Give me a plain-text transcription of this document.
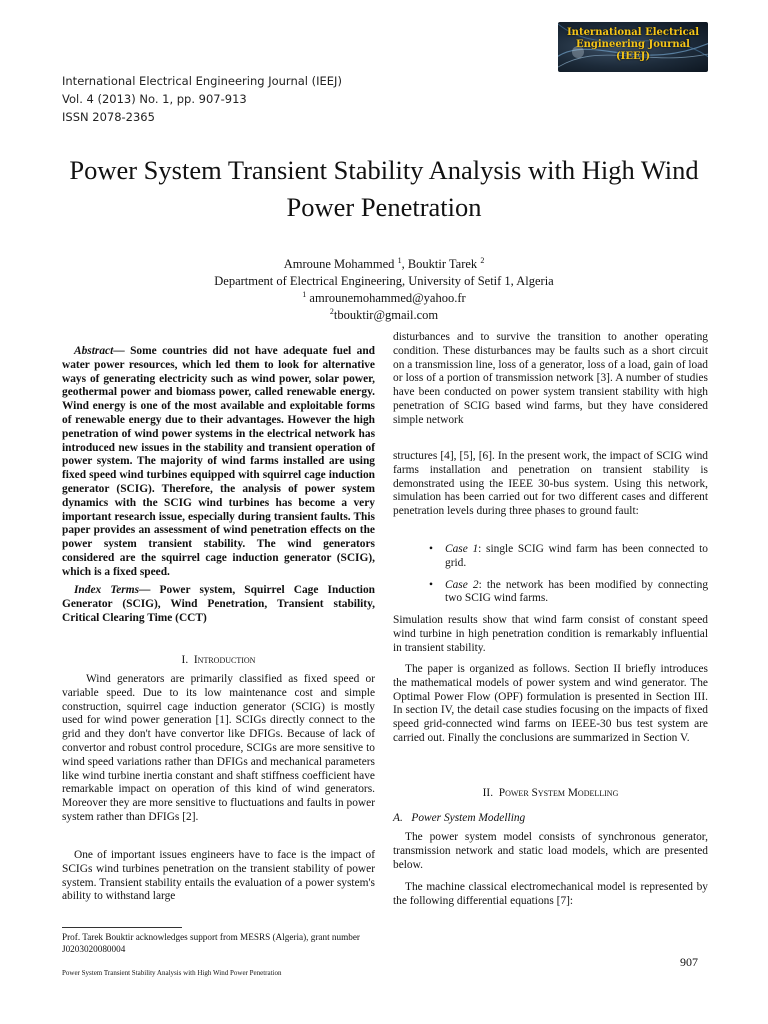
International Electrical Engineering Journal (IEEJ)
International Electrical Engineering Journal (IEEJ)
Vol. 4 (2013) No. 1, pp. 907-913
ISSN 2078-2365
Power System Transient Stability Analysis with High Wind Power Penetration
Amroune Mohammed $^1$, Bouktir Tarek $^2$
Department of Electrical Engineering, University of Setif 1, Algeria
$^1$ amrounemohammed@yahoo.fr
$^2$tbouktir@gmail.com

Abstract— Some countries did not have adequate fuel and water power resources, which led them to look for alternative ways of generating electricity such as wind power, solar power, geothermal power and biomass power, called renewable energy. Wind energy is one of the most available and exploitable forms of renewable energy due to their advantages. However the high penetration of wind power systems in the electrical network has introduced new issues in the stability and transient operation of power system. The majority of wind farms installed are using fixed speed wind turbines equipped with squirrel cage induction generator (SCIG). Therefore, the analysis of power system dynamics with the SCIG wind turbines has become a very important research issue, especially during transient faults. This paper provides an assessment of wind penetration effects on the power system transient stability. The wind generators considered are the squirrel cage induction generator (SCIG), which is a fixed speed.

Index Terms— Power system, Squirrel Cage Induction Generator (SCIG), Wind Penetration, Transient stability, Critical Clearing Time (CCT)

I. Introduction

Wind generators are primarily classified as fixed speed or variable speed. Due to its low maintenance cost and simple construction, squirrel cage induction generator (SCIG) is mostly used for wind power generation [1]. SCIGs directly connect to the grid and they don't have convertor like DFIGs. Because of lack of convertor and robust control procedure, SCIGs are more sensitive to wind speed variations rather than DFIGs and mechanical parameters like wind turbine inertia constant and shaft stiffness coefficient have remarkable impact on operation of this kind of wind generators. Moreover they are more sensitive to fluctuations and faults in power system rather than DFIGs [2].

One of important issues engineers have to face is the impact of SCIGs wind turbines penetration on the transient stability of power system. Transient stability entails the evaluation of a power system's ability to withstand large

disturbances and to survive the transition to another operating condition. These disturbances may be faults such as a short circuit on a transmission line, loss of a generator, loss of a load, gain of load or loss of a portion of transmission network [3]. A number of studies have been conducted on power system transient stability with high penetration of SCIG based wind farms, but they have considered simple network

structures [4], [5], [6]. In the present work, the impact of SCIG wind farms installation and penetration on transient stability is demonstrated using the IEEE 30-bus system. Using this network, simulation has been carried out for two different cases and different penetration levels during three phases to ground fault:

• Case 1: single SCIG wind farm has been connected to grid.
• Case 2: the network has been modified by connecting two SCIG wind farms.

Simulation results show that wind farm consist of constant speed wind turbine in high penetration condition is remarkably influential in transient stability.

The paper is organized as follows. Section II briefly introduces the mathematical models of power system and wind generator. The Optimal Power Flow (OPF) formulation is presented in Section III. In section IV, the detail case studies focusing on the impacts of fixed speed grid-connected wind farms on IEEE-30 bus test system are carried out. Finally the conclusions are summarized in Section V.

II. Power System Modelling
A. Power System Modelling

The power system model consists of synchronous generator, transmission network and static load models, which are presented below.

The machine classical electromechanical model is represented by the following differential equations [7]:

Prof. Tarek Bouktir acknowledges support from MESRS (Algeria), grant number J0203020080004
Power System Transient Stability Analysis with High Wind Power Penetration
907
